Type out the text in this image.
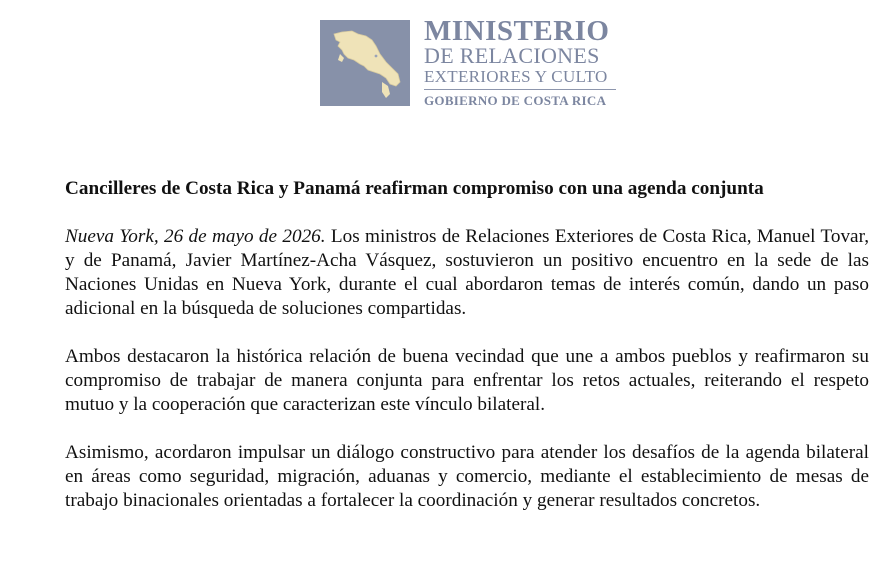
MINISTERIO
DE RELACIONES
EXTERIORES Y CULTO
GOBIERNO DE COSTA RICA
Cancilleres de Costa Rica y Panamá reafirman compromiso con una agenda conjunta

Nueva York, 26 de mayo de 2026. Los ministros de Relaciones Exteriores de Costa Rica, Manuel Tovar, y de Panamá, Javier Martínez-Acha Vásquez, sostuvieron un positivo encuentro en la sede de las Naciones Unidas en Nueva York, durante el cual abordaron temas de interés común, dando un paso adicional en la búsqueda de soluciones compartidas.

Ambos destacaron la histórica relación de buena vecindad que une a ambos pueblos y reafirmaron su compromiso de trabajar de manera conjunta para enfrentar los retos actuales, reiterando el respeto mutuo y la cooperación que caracterizan este vínculo bilateral.

Asimismo, acordaron impulsar un diálogo constructivo para atender los desafíos de la agenda bilateral en áreas como seguridad, migración, aduanas y comercio, mediante el establecimiento de mesas de trabajo binacionales orientadas a fortalecer la coordinación y generar resultados concretos.
